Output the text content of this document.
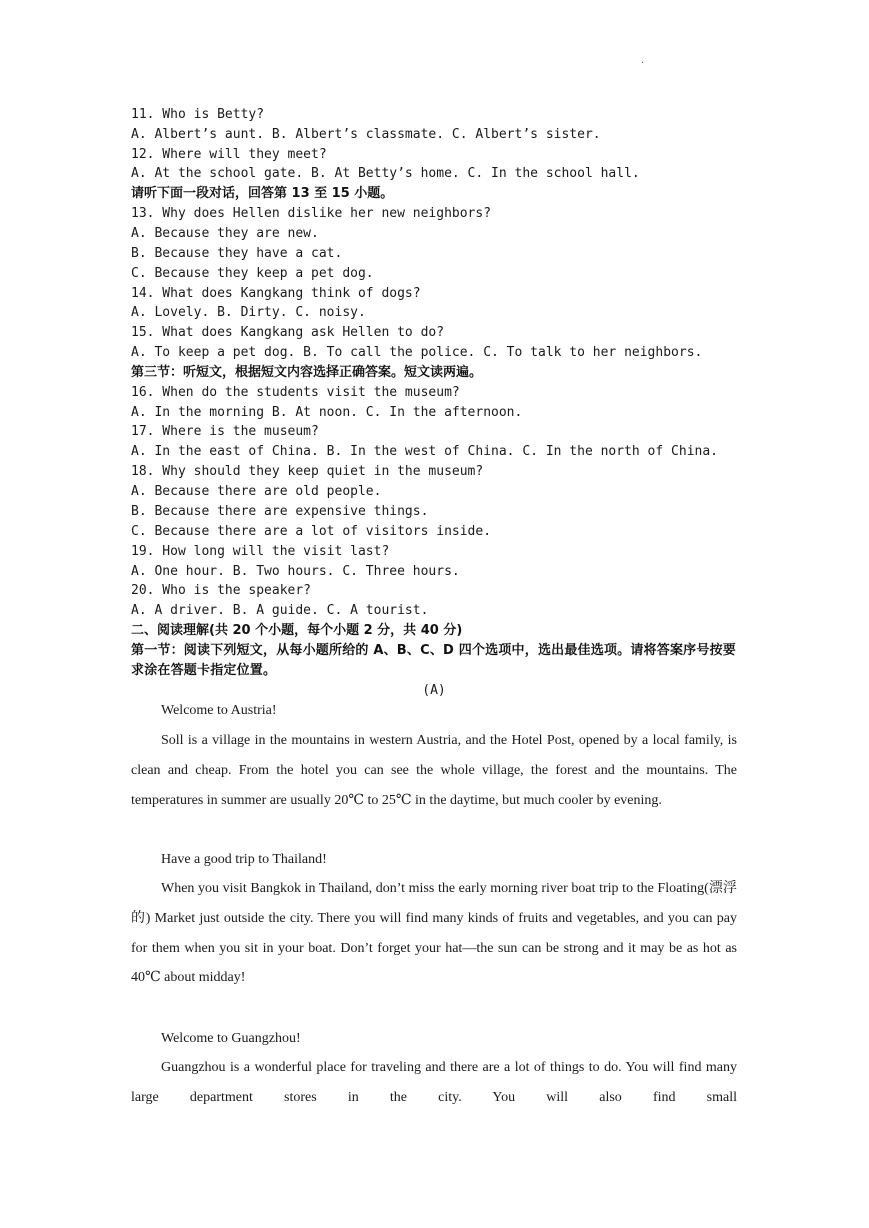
.
11. Who is Betty?
A. Albert’s aunt. B. Albert’s classmate. C. Albert’s sister.
12. Where will they meet?
A. At the school gate. B. At Betty’s home. C. In the school hall.
请听下面一段对话，回答第 13 至 15 小题。
13. Why does Hellen dislike her new neighbors?
A. Because they are new.
B. Because they have a cat.
C. Because they keep a pet dog.
14. What does Kangkang think of dogs?
A. Lovely. B. Dirty. C. noisy.
15. What does Kangkang ask Hellen to do?
A. To keep a pet dog. B. To call the police. C. To talk to her neighbors.
第三节：听短文，根据短文内容选择正确答案。短文读两遍。
16. When do the students visit the museum?
A. In the morning B. At noon. C. In the afternoon.
17. Where is the museum?
A. In the east of China. B. In the west of China. C. In the north of China.
18. Why should they keep quiet in the museum?
A. Because there are old people.
B. Because there are expensive things.
C. Because there are a lot of visitors inside.
19. How long will the visit last?
A. One hour. B. Two hours. C. Three hours.
20. Who is the speaker?
A. A driver. B. A guide. C. A tourist.
二、阅读理解(共 20 个小题，每个小题 2 分，共 40 分)
第一节：阅读下列短文，从每小题所给的 A、B、C、D 四个选项中，选出最佳选项。请将答案序号按要求涂在答题卡指定位置。
(A)

Welcome to Austria!

Soll is a village in the mountains in western Austria, and the Hotel Post, opened by a local family, is clean and cheap. From the hotel you can see the whole village, the forest and the mountains. The temperatures in summer are usually 20℃ to 25℃ in the daytime, but much cooler by evening.

Have a good trip to Thailand!

When you visit Bangkok in Thailand, don’t miss the early morning river boat trip to the Floating(漂浮的) Market just outside the city. There you will find many kinds of fruits and vegetables, and you can pay for them when you sit in your boat. Don’t forget your hat—the sun can be strong and it may be as hot as 40℃ about midday!

Welcome to Guangzhou!

Guangzhou is a wonderful place for traveling and there are a lot of things to do. You will find many large department stores in the city. You will also find small
